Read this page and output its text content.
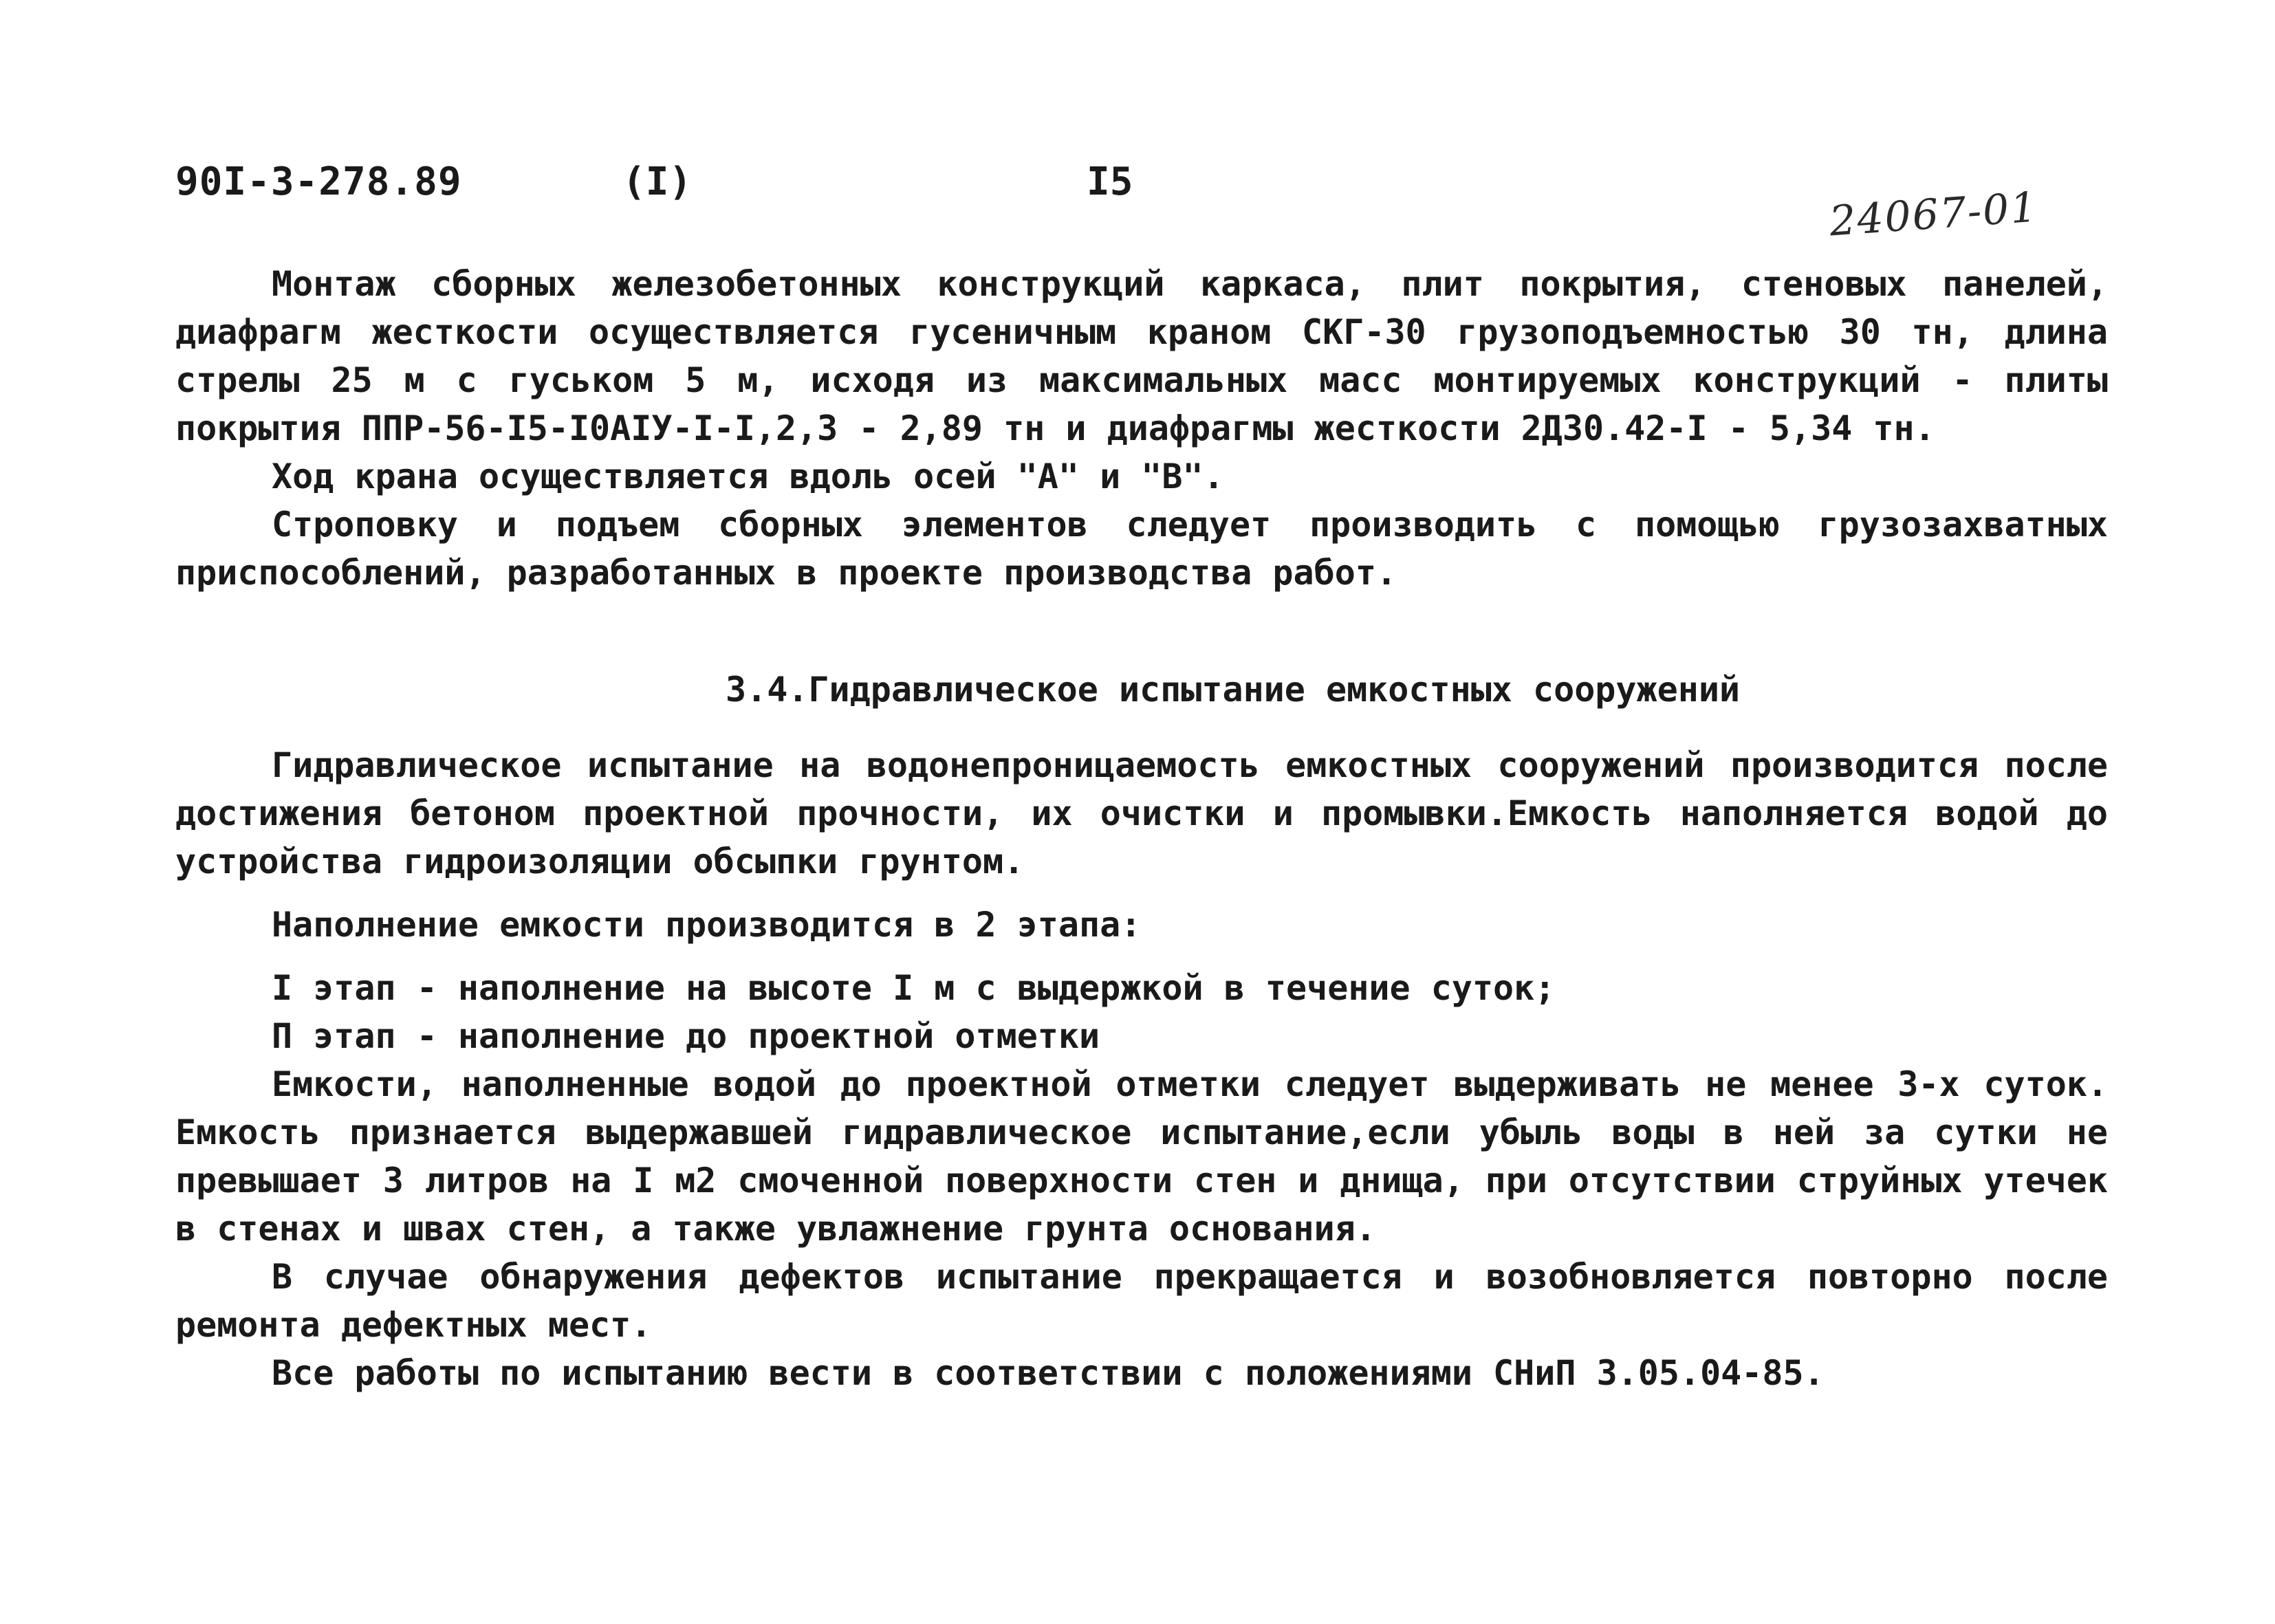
90I-3-278.89	(I)	I5
24067-01

Монтаж сборных железобетонных конструкций каркаса, плит покрытия, стеновых панелей, диафрагм жесткости осуществляется гусеничным краном СКГ-30 грузоподъемностью 30 тн, длина стрелы 25 м с гуськом 5 м, исходя из максимальных масс монтируемых конструкций - плиты покрытия ППР-56-I5-I0AIУ-I-I,2,3 - 2,89 тн и диафрагмы жесткости 2ДЗ0.42-I - 5,34 тн.

Ход крана осуществляется вдоль осей "А" и "В".

Строповку и подъем сборных элементов следует производить с помощью грузозахватных приспособлений, разработанных в проекте производства работ.

3.4.Гидравлическое испытание емкостных сооружений

Гидравлическое испытание на водонепроницаемость емкостных сооружений производится после достижения бетоном проектной прочности, их очистки и промывки.Емкость наполняется водой до устройства гидроизоляции обсыпки грунтом.

Наполнение емкости производится в 2 этапа:

I этап - наполнение на высоте I м с выдержкой в течение суток;

П этап - наполнение до проектной отметки

Емкости, наполненные водой до проектной отметки следует выдерживать не менее 3-х суток. Емкость признается выдержавшей гидравлическое испытание,если убыль воды в ней за сутки не превышает 3 литров на I м2 смоченной поверхности стен и днища, при отсутствии струйных утечек в стенах и швах стен, а также увлажнение грунта основания.

В случае обнаружения дефектов испытание прекращается и возобновляется повторно после ремонта дефектных мест.

Все работы по испытанию вести в соответствии с положениями СНиП 3.05.04-85.
